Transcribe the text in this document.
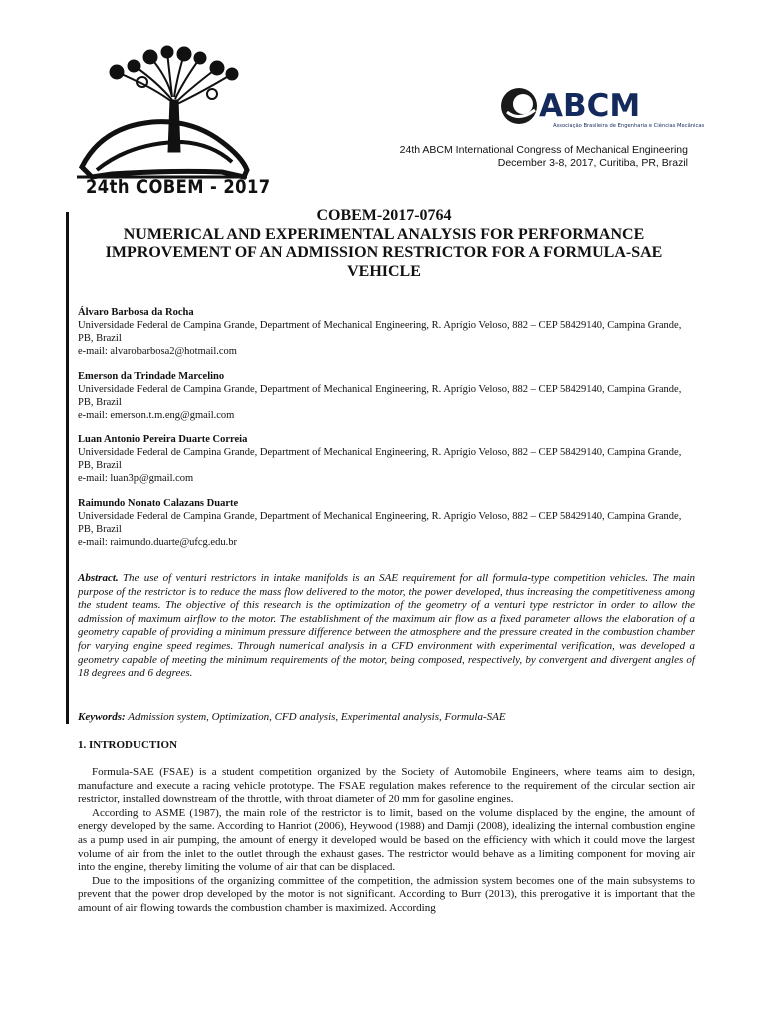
24th COBEM - 2017
ABCM
Associação Brasileira de Engenharia e Ciências Mecânicas
24th ABCM International Congress of Mechanical Engineering
December 3-8, 2017, Curitiba, PR, Brazil
COBEM-2017-0764
NUMERICAL AND EXPERIMENTAL ANALYSIS FOR PERFORMANCE IMPROVEMENT OF AN ADMISSION RESTRICTOR FOR A FORMULA-SAE VEHICLE
Álvaro Barbosa da Rocha
Universidade Federal de Campina Grande, Department of Mechanical Engineering, R. Aprígio Veloso, 882 – CEP 58429140, Campina Grande, PB, Brazil
e-mail: alvarobarbosa2@hotmail.com
Emerson da Trindade Marcelino
Universidade Federal de Campina Grande, Department of Mechanical Engineering, R. Aprígio Veloso, 882 – CEP 58429140, Campina Grande, PB, Brazil
e-mail: emerson.t.m.eng@gmail.com
Luan Antonio Pereira Duarte Correia
Universidade Federal de Campina Grande, Department of Mechanical Engineering, R. Aprígio Veloso, 882 – CEP 58429140, Campina Grande, PB, Brazil
e-mail: luan3p@gmail.com
Raimundo Nonato Calazans Duarte
Universidade Federal de Campina Grande, Department of Mechanical Engineering, R. Aprígio Veloso, 882 – CEP 58429140, Campina Grande, PB, Brazil
e-mail: raimundo.duarte@ufcg.edu.br
Abstract. The use of venturi restrictors in intake manifolds is an SAE requirement for all formula-type competition vehicles. The main purpose of the restrictor is to reduce the mass flow delivered to the motor, the power developed, thus increasing the competitiveness among the student teams. The objective of this research is the optimization of the geometry of a venturi type restrictor in order to allow the admission of maximum airflow to the motor. The establishment of the maximum air flow as a fixed parameter allows the elaboration of a geometry capable of providing a minimum pressure difference between the atmosphere and the pressure created in the combustion chamber for varying engine speed regimes. Through numerical analysis in a CFD environment with experimental verification, was developed a geometry capable of meeting the minimum requirements of the motor, being composed, respectively, by convergent and divergent angles of 18 degrees and 6 degrees.
Keywords: Admission system, Optimization, CFD analysis, Experimental analysis, Formula-SAE
1. INTRODUCTION

Formula-SAE (FSAE) is a student competition organized by the Society of Automobile Engineers, where teams aim to design, manufacture and execute a racing vehicle prototype. The FSAE regulation makes reference to the requirement of the circular section air restrictor, installed downstream of the throttle, with throat diameter of 20 mm for gasoline engines.

According to ASME (1987), the main role of the restrictor is to limit, based on the volume displaced by the engine, the amount of energy developed by the same. According to Hanriot (2006), Heywood (1988) and Damji (2008), idealizing the internal combustion engine as a pump used in air pumping, the amount of energy it developed would be based on the efficiency with which it could move the largest volume of air from the inlet to the outlet through the exhaust gases. The restrictor would behave as a limiting component for moving air into the engine, thereby limiting the volume of air that can be displaced.

Due to the impositions of the organizing committee of the competition, the admission system becomes one of the main subsystems to prevent that the power drop developed by the motor is not significant. According to Burr (2013), this prerogative it is important that the amount of air flowing towards the combustion chamber is maximized. According
